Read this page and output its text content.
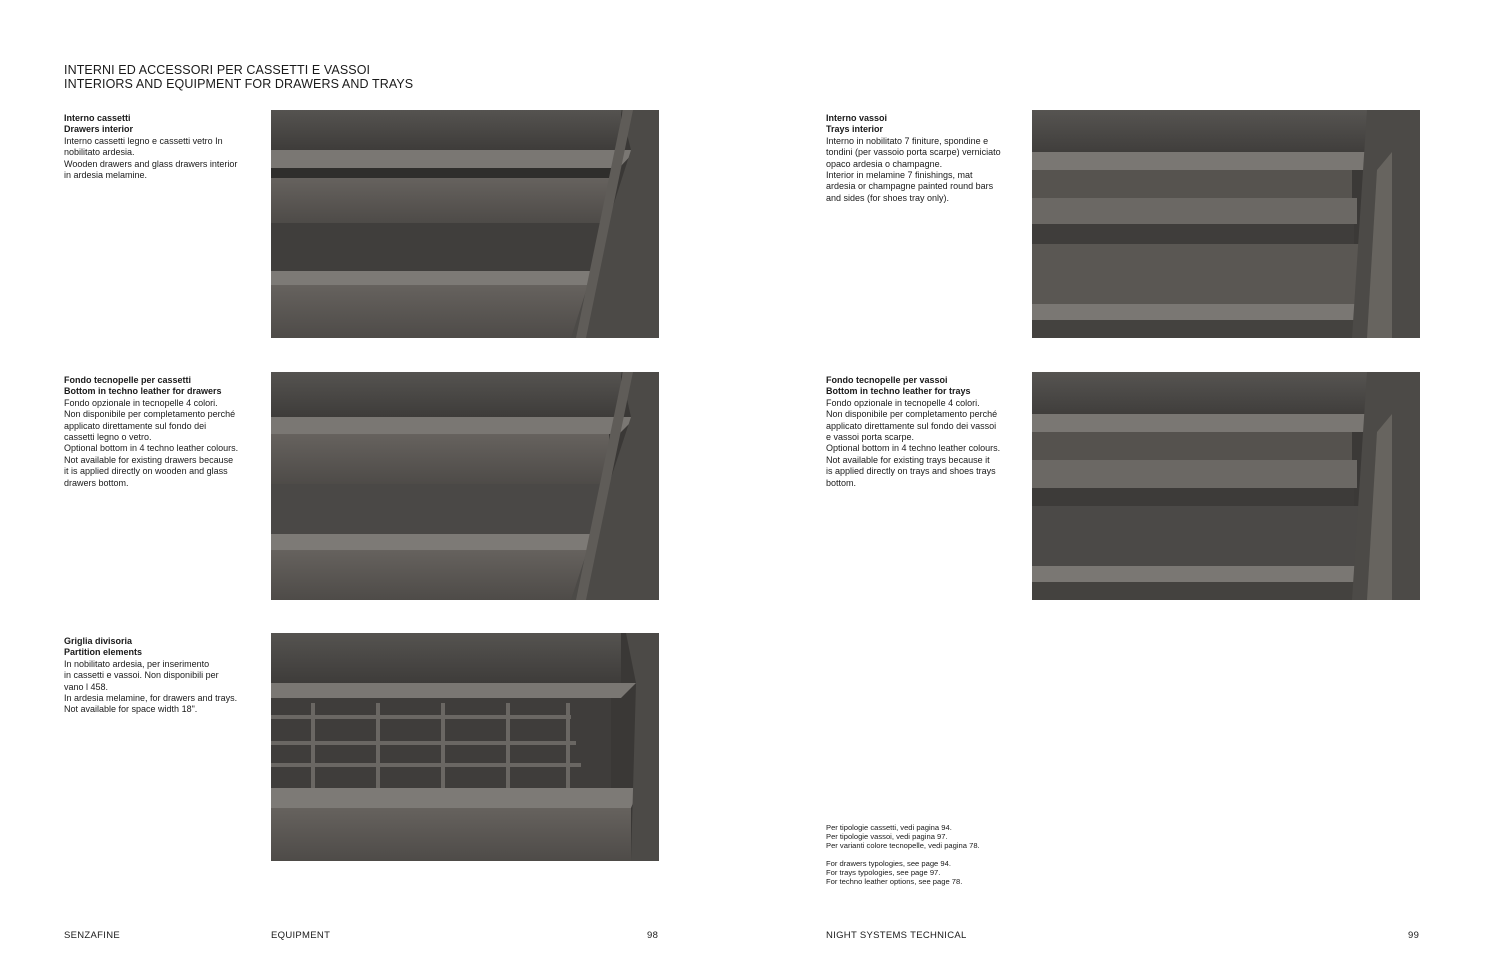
INTERNI ED ACCESSORI PER CASSETTI E VASSOI
INTERIORS AND EQUIPMENT FOR DRAWERS AND TRAYS
Interno cassetti
Drawers interior

Interno cassetti legno e cassetti vetro In
nobilitato ardesia.
Wooden drawers and glass drawers interior
in ardesia melamine.

Fondo tecnopelle per cassetti
Bottom in techno leather for drawers

Fondo opzionale in tecnopelle 4 colori.
Non disponibile per completamento perché
applicato direttamente sul fondo dei
cassetti legno o vetro.
Optional bottom in 4 techno leather colours.
Not available for existing drawers because
it is applied directly on wooden and glass
drawers bottom.

Griglia divisoria
Partition elements

In nobilitato ardesia, per inserimento
in cassetti e vassoi. Non disponibili per
vano l 458.
In ardesia melamine, for drawers and trays.
Not available for space width 18".

Interno vassoi
Trays interior

Interno in nobilitato 7 finiture, spondine e
tondini (per vassoio porta scarpe) verniciato
opaco ardesia o champagne.
Interior in melamine 7 finishings, mat
ardesia or champagne painted round bars
and sides (for shoes tray only).

Fondo tecnopelle per vassoi
Bottom in techno leather for trays

Fondo opzionale in tecnopelle 4 colori.
Non disponibile per completamento perché
applicato direttamente sul fondo dei vassoi
e vassoi porta scarpe.
Optional bottom in 4 techno leather colours.
Not available for existing trays because it
is applied directly on trays and shoes trays
bottom.

Per tipologie cassetti, vedi pagina 94.
Per tipologie vassoi, vedi pagina 97.
Per varianti colore tecnopelle, vedi pagina 78.
For drawers typologies, see page 94.
For trays typologies, see page 97.
For techno leather options, see page 78.
SENZAFINE	EQUIPMENT	98	NIGHT SYSTEMS TECHNICAL	99
